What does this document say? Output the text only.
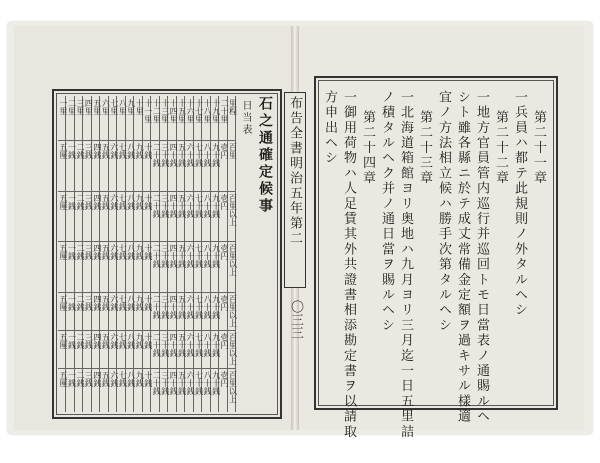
石之通確定候事
日当表
里程
百里
百里以上
百里以上
百里以上
百里以上
百里以上
二十里
壱円
壱円
壱円
壱円
壱円
壱円
十九里
九十銭
九十銭
九十銭
九十銭
九十銭
九十銭
十八里
八十銭
八十銭
八十銭
八十銭
八十銭
八十銭
十七里
七十銭
七十銭
七十銭
七十銭
七十銭
七十銭
十六里
六十銭
六十銭
六十銭
六十銭
六十銭
六十銭
十五里
五十銭
五十銭
五十銭
五十銭
五十銭
五十銭
十四里
四十銭
四十銭
四十銭
四十銭
四十銭
四十銭
十三里
三十銭
三十銭
三十銭
三十銭
三十銭
三十銭
十二里
二十銭
二十銭
二十銭
二十銭
二十銭
二十銭
十一里
十銭
十銭
十銭
十銭
十銭
十銭
十里
九銭
九銭
九銭
九銭
九銭
九銭
九里
八銭
八銭
八銭
八銭
八銭
八銭
八里
七銭
七銭
七銭
七銭
七銭
七銭
七里
六銭
六銭
六銭
六銭
六銭
六銭
六里
五銭
五銭
五銭
五銭
五銭
五銭
五里
四銭
四銭
四銭
四銭
四銭
四銭
四里
三銭
三銭
三銭
三銭
三銭
三銭
三里
二銭
二銭
二銭
二銭
二銭
二銭
二里
一銭
一銭
一銭
一銭
一銭
一銭
一里
五厘
五厘
五厘
五厘
五厘
五厘
布告全書明治五年第二
〇三三
第二十一章
一兵員ハ都テ此規則ノ外タルヘシ
第二十二章
一地方官員管内巡行并巡回トモ日當表ノ通賜ルヘ
シト雖各縣ニ於テ成丈常備金定額ヲ過キサル樣適
宜ノ方法相立候ハ勝手次第タルヘシ
第二十三章
一北海道箱館ヨリ奥地ハ九月ヨリ三月迄一日五里詰
ノ積タルヘク并ノ通日當ヲ賜ルヘシ
第二十四章
一御用荷物ハ人足賃其外共證書相添勘定書ヲ以請取
方申出ヘシ
